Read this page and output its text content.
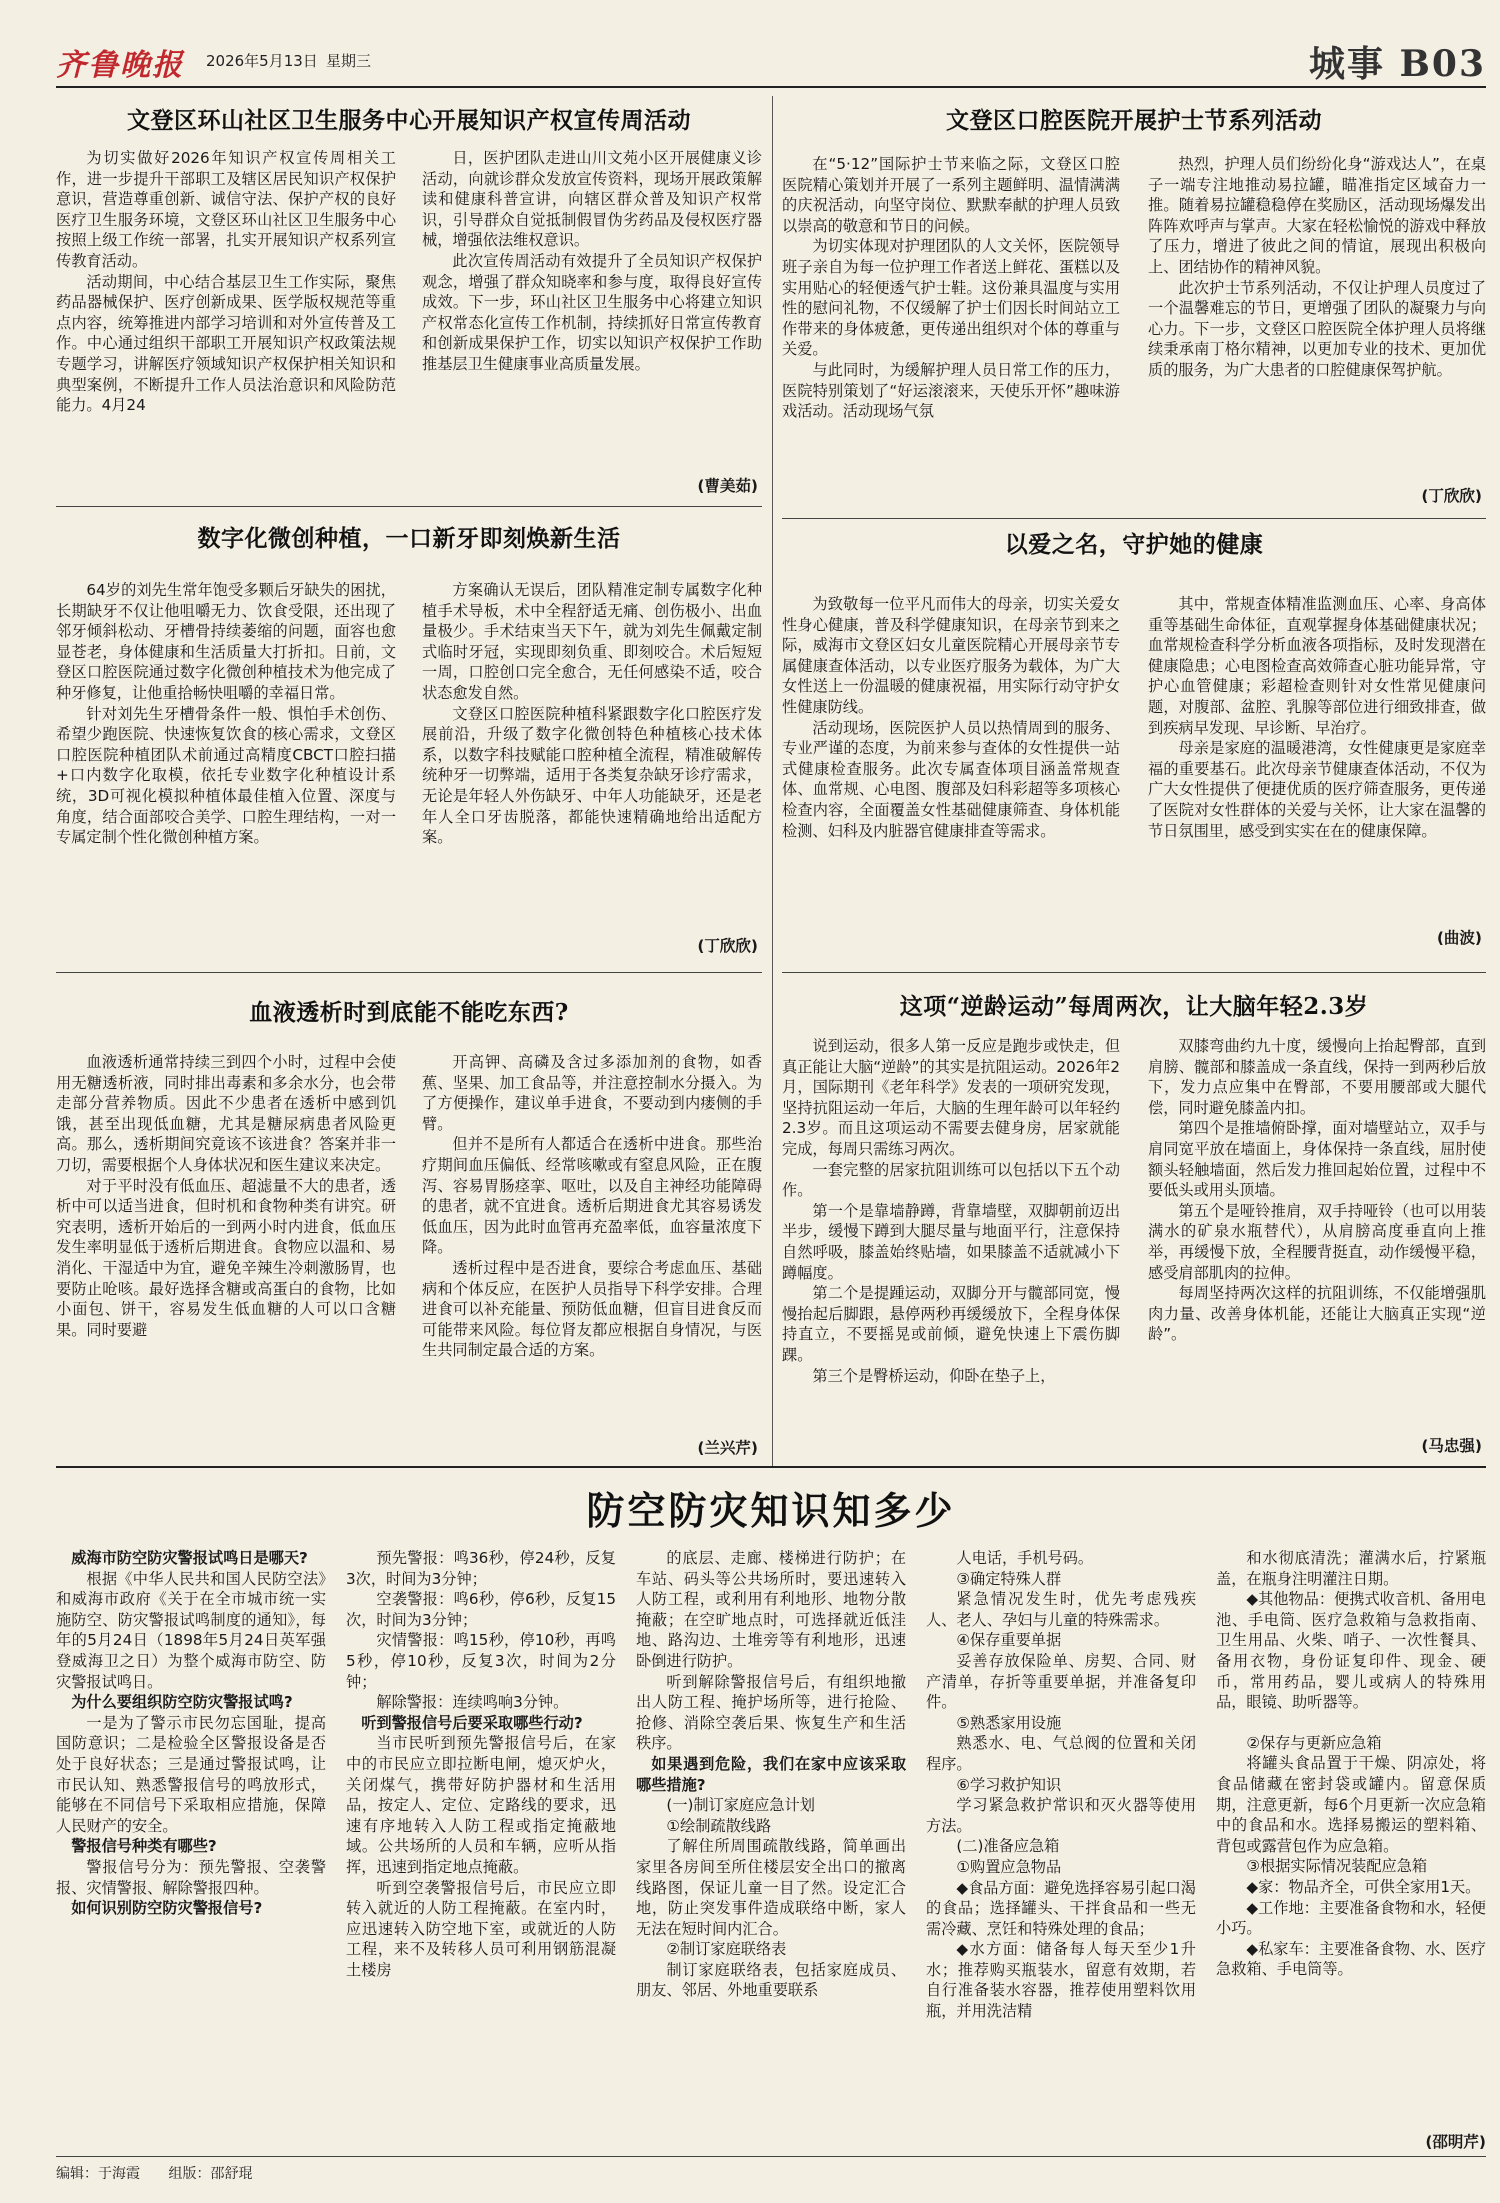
齐鲁晚报 2026年5月13日 星期三	城事 B03
文登区环山社区卫生服务中心开展知识产权宣传周活动

为切实做好2026年知识产权宣传周相关工作，进一步提升干部职工及辖区居民知识产权保护意识，营造尊重创新、诚信守法、保护产权的良好医疗卫生服务环境，文登区环山社区卫生服务中心按照上级工作统一部署，扎实开展知识产权系列宣传教育活动。

活动期间，中心结合基层卫生工作实际，聚焦药品器械保护、医疗创新成果、医学版权规范等重点内容，统筹推进内部学习培训和对外宣传普及工作。中心通过组织干部职工开展知识产权政策法规专题学习，讲解医疗领域知识产权保护相关知识和典型案例，不断提升工作人员法治意识和风险防范能力。4月24

日，医护团队走进山川文苑小区开展健康义诊活动，向就诊群众发放宣传资料，现场开展政策解读和健康科普宣讲，向辖区群众普及知识产权常识，引导群众自觉抵制假冒伪劣药品及侵权医疗器械，增强依法维权意识。

此次宣传周活动有效提升了全员知识产权保护观念，增强了群众知晓率和参与度，取得良好宣传成效。下一步，环山社区卫生服务中心将建立知识产权常态化宣传工作机制，持续抓好日常宣传教育和创新成果保护工作，切实以知识产权保护工作助推基层卫生健康事业高质量发展。

(曹美茹)
文登区口腔医院开展护士节系列活动

在“5·12”国际护士节来临之际，文登区口腔医院精心策划并开展了一系列主题鲜明、温情满满的庆祝活动，向坚守岗位、默默奉献的护理人员致以崇高的敬意和节日的问候。

为切实体现对护理团队的人文关怀，医院领导班子亲自为每一位护理工作者送上鲜花、蛋糕以及实用贴心的轻便透气护士鞋。这份兼具温度与实用性的慰问礼物，不仅缓解了护士们因长时间站立工作带来的身体疲惫，更传递出组织对个体的尊重与关爱。

与此同时，为缓解护理人员日常工作的压力，医院特别策划了“好运滚滚来，天使乐开怀”趣味游戏活动。活动现场气氛

热烈，护理人员们纷纷化身“游戏达人”，在桌子一端专注地推动易拉罐，瞄准指定区域奋力一推。随着易拉罐稳稳停在奖励区，活动现场爆发出阵阵欢呼声与掌声。大家在轻松愉悦的游戏中释放了压力，增进了彼此之间的情谊，展现出积极向上、团结协作的精神风貌。

此次护士节系列活动，不仅让护理人员度过了一个温馨难忘的节日，更增强了团队的凝聚力与向心力。下一步，文登区口腔医院全体护理人员将继续秉承南丁格尔精神，以更加专业的技术、更加优质的服务，为广大患者的口腔健康保驾护航。

(丁欣欣)
数字化微创种植，一口新牙即刻焕新生活

64岁的刘先生常年饱受多颗后牙缺失的困扰，长期缺牙不仅让他咀嚼无力、饮食受限，还出现了邻牙倾斜松动、牙槽骨持续萎缩的问题，面容也愈显苍老，身体健康和生活质量大打折扣。日前，文登区口腔医院通过数字化微创种植技术为他完成了种牙修复，让他重拾畅快咀嚼的幸福日常。

针对刘先生牙槽骨条件一般、惧怕手术创伤、希望少跑医院、快速恢复饮食的核心需求，文登区口腔医院种植团队术前通过高精度CBCT口腔扫描+口内数字化取模，依托专业数字化种植设计系统，3D可视化模拟种植体最佳植入位置、深度与角度，结合面部咬合美学、口腔生理结构，一对一专属定制个性化微创种植方案。

方案确认无误后，团队精准定制专属数字化种植手术导板，术中全程舒适无痛、创伤极小、出血量极少。手术结束当天下午，就为刘先生佩戴定制式临时牙冠，实现即刻负重、即刻咬合。术后短短一周，口腔创口完全愈合，无任何感染不适，咬合状态愈发自然。

文登区口腔医院种植科紧跟数字化口腔医疗发展前沿，升级了数字化微创特色种植核心技术体系，以数字科技赋能口腔种植全流程，精准破解传统种牙一切弊端，适用于各类复杂缺牙诊疗需求，无论是年轻人外伤缺牙、中年人功能缺牙，还是老年人全口牙齿脱落，都能快速精确地给出适配方案。

(丁欣欣)
以爱之名，守护她的健康

为致敬每一位平凡而伟大的母亲，切实关爱女性身心健康，普及科学健康知识，在母亲节到来之际，威海市文登区妇女儿童医院精心开展母亲节专属健康查体活动，以专业医疗服务为载体，为广大女性送上一份温暖的健康祝福，用实际行动守护女性健康防线。

活动现场，医院医护人员以热情周到的服务、专业严谨的态度，为前来参与查体的女性提供一站式健康检查服务。此次专属查体项目涵盖常规查体、血常规、心电图、腹部及妇科彩超等多项核心检查内容，全面覆盖女性基础健康筛查、身体机能检测、妇科及内脏器官健康排查等需求。

其中，常规查体精准监测血压、心率、身高体重等基础生命体征，直观掌握身体基础健康状况；血常规检查科学分析血液各项指标，及时发现潜在健康隐患；心电图检查高效筛查心脏功能异常，守护心血管健康；彩超检查则针对女性常见健康问题，对腹部、盆腔、乳腺等部位进行细致排查，做到疾病早发现、早诊断、早治疗。

母亲是家庭的温暖港湾，女性健康更是家庭幸福的重要基石。此次母亲节健康查体活动，不仅为广大女性提供了便捷优质的医疗筛查服务，更传递了医院对女性群体的关爱与关怀，让大家在温馨的节日氛围里，感受到实实在在的健康保障。

(曲波)
血液透析时到底能不能吃东西?

血液透析通常持续三到四个小时，过程中会使用无糖透析液，同时排出毒素和多余水分，也会带走部分营养物质。因此不少患者在透析中感到饥饿，甚至出现低血糖，尤其是糖尿病患者风险更高。那么，透析期间究竟该不该进食？答案并非一刀切，需要根据个人身体状况和医生建议来决定。

对于平时没有低血压、超滤量不大的患者，透析中可以适当进食，但时机和食物种类有讲究。研究表明，透析开始后的一到两小时内进食，低血压发生率明显低于透析后期进食。食物应以温和、易消化、干湿适中为宜，避免辛辣生冷刺激肠胃，也要防止呛咳。最好选择含糖或高蛋白的食物，比如小面包、饼干，容易发生低血糖的人可以口含糖果。同时要避

开高钾、高磷及含过多添加剂的食物，如香蕉、坚果、加工食品等，并注意控制水分摄入。为了方便操作，建议单手进食，不要动到内瘘侧的手臂。

但并不是所有人都适合在透析中进食。那些治疗期间血压偏低、经常咳嗽或有窒息风险，正在腹泻、容易胃肠痉挛、呕吐，以及自主神经功能障碍的患者，就不宜进食。透析后期进食尤其容易诱发低血压，因为此时血管再充盈率低，血容量浓度下降。

透析过程中是否进食，要综合考虑血压、基础病和个体反应，在医护人员指导下科学安排。合理进食可以补充能量、预防低血糖，但盲目进食反而可能带来风险。每位肾友都应根据自身情况，与医生共同制定最合适的方案。

(兰兴芹)
这项“逆龄运动”每周两次，让大脑年轻2.3岁

说到运动，很多人第一反应是跑步或快走，但真正能让大脑“逆龄”的其实是抗阻运动。2026年2月，国际期刊《老年科学》发表的一项研究发现，坚持抗阻运动一年后，大脑的生理年龄可以年轻约2.3岁。而且这项运动不需要去健身房，居家就能完成，每周只需练习两次。

一套完整的居家抗阻训练可以包括以下五个动作。

第一个是靠墙静蹲，背靠墙壁，双脚朝前迈出半步，缓慢下蹲到大腿尽量与地面平行，注意保持自然呼吸，膝盖始终贴墙，如果膝盖不适就减小下蹲幅度。

第二个是提踵运动，双脚分开与髋部同宽，慢慢抬起后脚跟，悬停两秒再缓缓放下，全程身体保持直立，不要摇晃或前倾，避免快速上下震伤脚踝。

第三个是臀桥运动，仰卧在垫子上，

双膝弯曲约九十度，缓慢向上抬起臀部，直到肩膀、髋部和膝盖成一条直线，保持一到两秒后放下，发力点应集中在臀部，不要用腰部或大腿代偿，同时避免膝盖内扣。

第四个是推墙俯卧撑，面对墙壁站立，双手与肩同宽平放在墙面上，身体保持一条直线，屈肘使额头轻触墙面，然后发力推回起始位置，过程中不要低头或用头顶墙。

第五个是哑铃推肩，双手持哑铃（也可以用装满水的矿泉水瓶替代），从肩膀高度垂直向上推举，再缓慢下放，全程腰背挺直，动作缓慢平稳，感受肩部肌肉的拉伸。

每周坚持两次这样的抗阻训练，不仅能增强肌肉力量、改善身体机能，还能让大脑真正实现“逆龄”。

(马忠强)
防空防灾知识知多少

威海市防空防灾警报试鸣日是哪天?

根据《中华人民共和国人民防空法》和威海市政府《关于在全市城市统一实施防空、防灾警报试鸣制度的通知》，每年的5月24日（1898年5月24日英军强登威海卫之日）为整个威海市防空、防灾警报试鸣日。

为什么要组织防空防灾警报试鸣?

一是为了警示市民勿忘国耻，提高国防意识；二是检验全区警报设备是否处于良好状态；三是通过警报试鸣，让市民认知、熟悉警报信号的鸣放形式，能够在不同信号下采取相应措施，保障人民财产的安全。

警报信号种类有哪些?

警报信号分为：预先警报、空袭警报、灾情警报、解除警报四种。

如何识别防空防灾警报信号?

预先警报：鸣36秒，停24秒，反复3次，时间为3分钟；

空袭警报：鸣6秒，停6秒，反复15次，时间为3分钟；

灾情警报：鸣15秒，停10秒，再鸣5秒，停10秒，反复3次，时间为2分钟；

解除警报：连续鸣响3分钟。

听到警报信号后要采取哪些行动?

当市民听到预先警报信号后，在家中的市民应立即拉断电闸，熄灭炉火，关闭煤气，携带好防护器材和生活用品，按定人、定位、定路线的要求，迅速有序地转入人防工程或指定掩蔽地域。公共场所的人员和车辆，应听从指挥，迅速到指定地点掩蔽。

听到空袭警报信号后，市民应立即转入就近的人防工程掩蔽。在室内时，应迅速转入防空地下室，或就近的人防工程，来不及转移人员可利用钢筋混凝土楼房

的底层、走廊、楼梯进行防护；在车站、码头等公共场所时，要迅速转入人防工程，或利用有利地形、地物分散掩蔽；在空旷地点时，可选择就近低洼地、路沟边、土堆旁等有利地形，迅速卧倒进行防护。

听到解除警报信号后，有组织地撤出人防工程、掩护场所等，进行抢险、抢修、消除空袭后果、恢复生产和生活秩序。

如果遇到危险，我们在家中应该采取哪些措施?

(一)制订家庭应急计划

①绘制疏散线路

了解住所周围疏散线路，简单画出家里各房间至所住楼层安全出口的撤离线路图，保证儿童一目了然。设定汇合地，防止突发事件造成联络中断，家人无法在短时间内汇合。

②制订家庭联络表

制订家庭联络表，包括家庭成员、朋友、邻居、外地重要联系

人电话，手机号码。

③确定特殊人群

紧急情况发生时，优先考虑残疾人、老人、孕妇与儿童的特殊需求。

④保存重要单据

妥善存放保险单、房契、合同、财产清单，存折等重要单据，并准备复印件。

⑤熟悉家用设施

熟悉水、电、气总阀的位置和关闭程序。

⑥学习救护知识

学习紧急救护常识和灭火器等使用方法。

(二)准备应急箱

①购置应急物品

◆食品方面：避免选择容易引起口渴的食品；选择罐头、干拌食品和一些无需冷藏、烹饪和特殊处理的食品；

◆水方面：储备每人每天至少1升水；推荐购买瓶装水，留意有效期，若自行准备装水容器，推荐使用塑料饮用瓶，并用洗洁精

和水彻底清洗；灌满水后，拧紧瓶盖，在瓶身注明灌注日期。

◆其他物品：便携式收音机、备用电池、手电筒、医疗急救箱与急救指南、卫生用品、火柴、哨子、一次性餐具、备用衣物，身份证复印件、现金、硬币，常用药品，婴儿或病人的特殊用品，眼镜、助听器等。

②保存与更新应急箱

将罐头食品置于干燥、阴凉处，将食品储藏在密封袋或罐内。留意保质期，注意更新，每6个月更新一次应急箱中的食品和水。选择易搬运的塑料箱、背包或露营包作为应急箱。

③根据实际情况装配应急箱

◆家：物品齐全，可供全家用1天。

◆工作地：主要准备食物和水，轻便小巧。

◆私家车：主要准备食物、水、医疗急救箱、手电筒等。

(邵明芹)
编辑：于海霞 组版：邵舒琨
